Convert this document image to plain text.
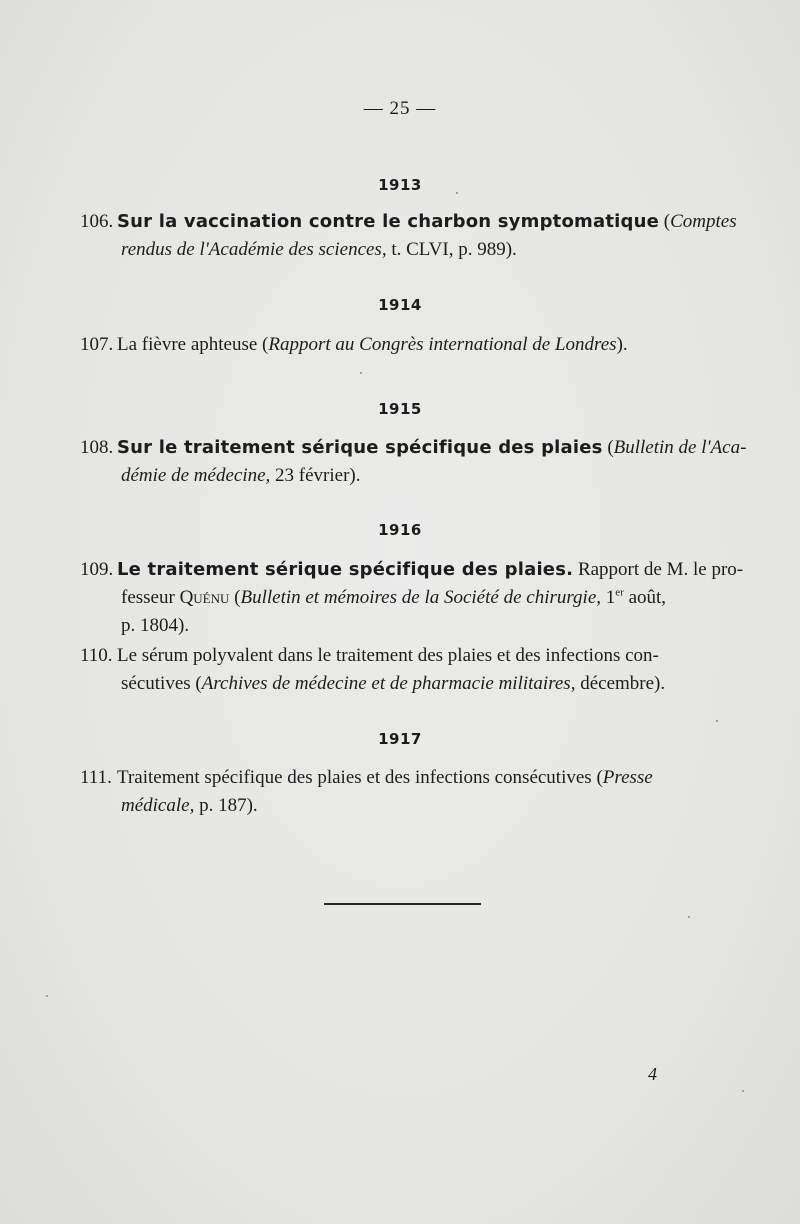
— 25 —
1913
106. Sur la vaccination contre le charbon symptomatique (Comptes
rendus de l'Académie des sciences, t. CLVI, p. 989).
1914
107. La fièvre aphteuse (Rapport au Congrès international de Londres).
1915
108. Sur le traitement sérique spécifique des plaies (Bulletin de l'Aca-
démie de médecine, 23 février).
1916
109. Le traitement sérique spécifique des plaies. Rapport de M. le pro-
fesseur Quénu (Bulletin et mémoires de la Société de chirurgie, 1er août,
p. 1804).
110. Le sérum polyvalent dans le traitement des plaies et des infections con-
sécutives (Archives de médecine et de pharmacie militaires, décembre).
1917
111. Traitement spécifique des plaies et des infections consécutives (Presse
médicale, p. 187).
4
